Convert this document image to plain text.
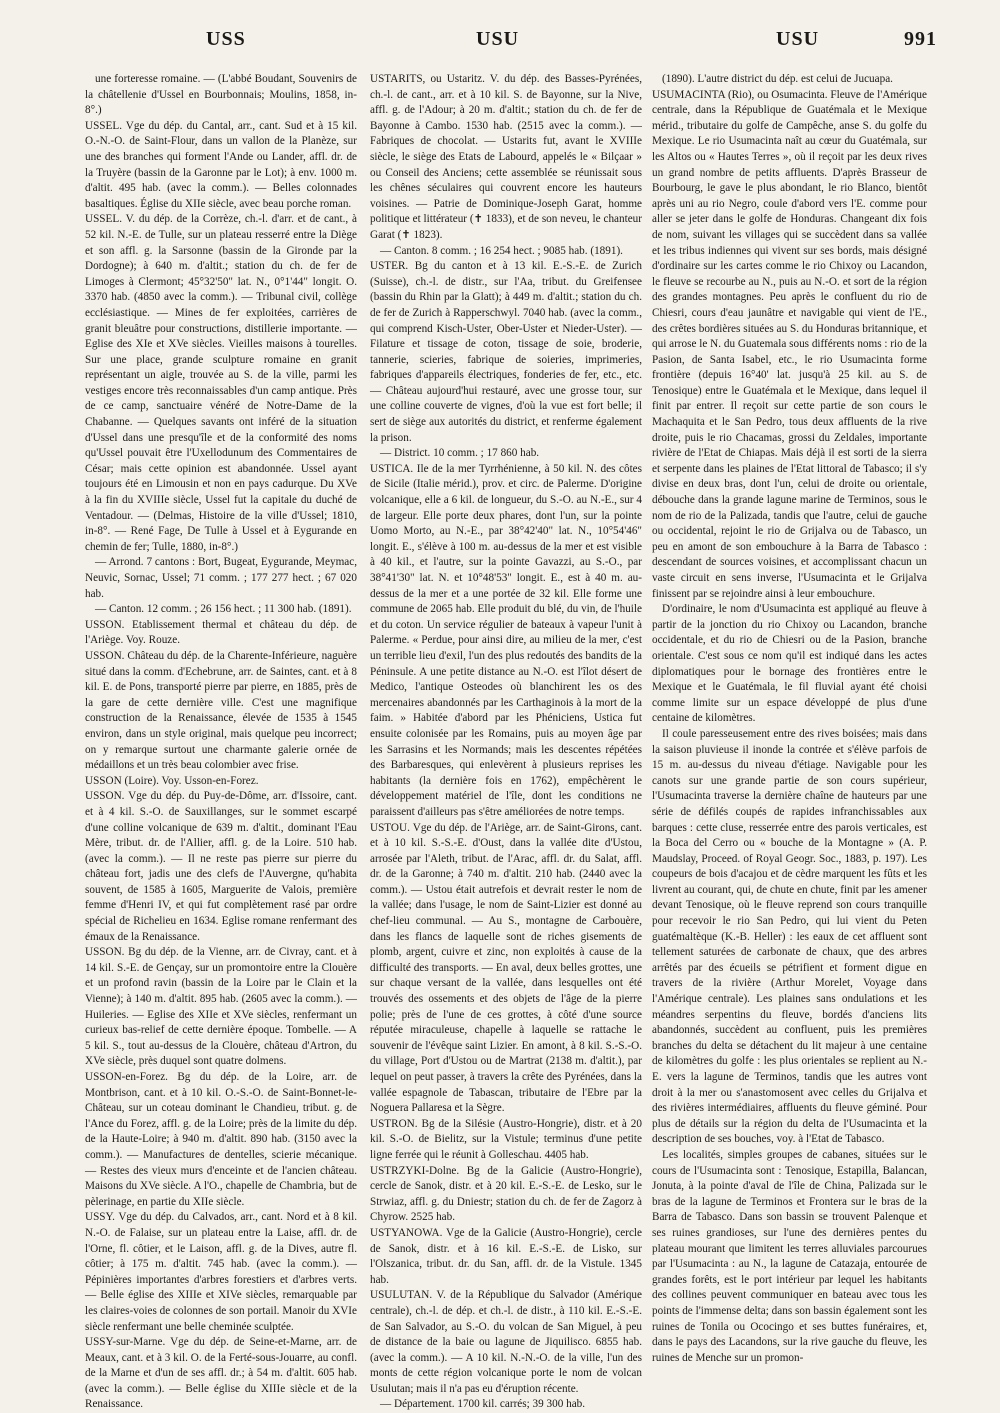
USS	USU	USU	991

une forteresse romaine. — (L'abbé Boudant, Souvenirs de la châtellenie d'Ussel en Bourbonnais; Moulins, 1858, in-8°.)

USSEL. Vge du dép. du Cantal, arr., cant. Sud et à 15 kil. O.-N.-O. de Saint-Flour, dans un vallon de la Planèze, sur une des branches qui forment l'Ande ou Lander, affl. dr. de la Truyère (bassin de la Garonne par le Lot); à env. 1000 m. d'altit. 495 hab. (avec la comm.). — Belles colonnades basaltiques. Église du XIIe siècle, avec beau porche roman.

USSEL. V. du dép. de la Corrèze, ch.-l. d'arr. et de cant., à 52 kil. N.-E. de Tulle, sur un plateau resserré entre la Diège et son affl. g. la Sarsonne (bassin de la Gironde par la Dordogne); à 640 m. d'altit.; station du ch. de fer de Limoges à Clermont; 45°32'50" lat. N., 0°1'44" longit. O. 3370 hab. (4850 avec la comm.). — Tribunal civil, collège ecclésiastique. — Mines de fer exploitées, carrières de granit bleuâtre pour constructions, distillerie importante. — Eglise des XIe et XVe siècles. Vieilles maisons à tourelles. Sur une place, grande sculpture romaine en granit représentant un aigle, trouvée au S. de la ville, parmi les vestiges encore très reconnaissables d'un camp antique. Près de ce camp, sanctuaire vénéré de Notre-Dame de la Chabanne. — Quelques savants ont inféré de la situation d'Ussel dans une presqu'île et de la conformité des noms qu'Ussel pouvait être l'Uxellodunum des Commentaires de César; mais cette opinion est abandonnée. Ussel ayant toujours été en Limousin et non en pays cadurque. Du XVe à la fin du XVIIIe siècle, Ussel fut la capitale du duché de Ventadour. — (Delmas, Histoire de la ville d'Ussel; 1810, in-8°. — René Fage, De Tulle à Ussel et à Eygurande en chemin de fer; Tulle, 1880, in-8°.)

— Arrond. 7 cantons : Bort, Bugeat, Eygurande, Meymac, Neuvic, Sornac, Ussel; 71 comm. ; 177 277 hect. ; 67 020 hab.

— Canton. 12 comm. ; 26 156 hect. ; 11 300 hab. (1891).

USSON. Etablissement thermal et château du dép. de l'Ariège. Voy. Rouze.

USSON. Château du dép. de la Charente-Inférieure, naguère situé dans la comm. d'Echebrune, arr. de Saintes, cant. et à 8 kil. E. de Pons, transporté pierre par pierre, en 1885, près de la gare de cette dernière ville. C'est une magnifique construction de la Renaissance, élevée de 1535 à 1545 environ, dans un style original, mais quelque peu incorrect; on y remarque surtout une charmante galerie ornée de médaillons et un très beau colombier avec frise.

USSON (Loire). Voy. Usson-en-Forez.

USSON. Vge du dép. du Puy-de-Dôme, arr. d'Issoire, cant. et à 4 kil. S.-O. de Sauxillanges, sur le sommet escarpé d'une colline volcanique de 639 m. d'altit., dominant l'Eau Mère, tribut. dr. de l'Allier, affl. g. de la Loire. 510 hab. (avec la comm.). — Il ne reste pas pierre sur pierre du château fort, jadis une des clefs de l'Auvergne, qu'habita souvent, de 1585 à 1605, Marguerite de Valois, première femme d'Henri IV, et qui fut complètement rasé par ordre spécial de Richelieu en 1634. Eglise romane renfermant des émaux de la Renaissance.

USSON. Bg du dép. de la Vienne, arr. de Civray, cant. et à 14 kil. S.-E. de Gençay, sur un promontoire entre la Clouère et un profond ravin (bassin de la Loire par le Clain et la Vienne); à 140 m. d'altit. 895 hab. (2605 avec la comm.). — Huileries. — Eglise des XIIe et XVe siècles, renfermant un curieux bas-relief de cette dernière époque. Tombelle. — A 5 kil. S., tout au-dessus de la Clouère, château d'Artron, du XVe siècle, près duquel sont quatre dolmens.

USSON-en-Forez. Bg du dép. de la Loire, arr. de Montbrison, cant. et à 10 kil. O.-S.-O. de Saint-Bonnet-le-Château, sur un coteau dominant le Chandieu, tribut. g. de l'Ance du Forez, affl. g. de la Loire; près de la limite du dép. de la Haute-Loire; à 940 m. d'altit. 890 hab. (3150 avec la comm.). — Manufactures de dentelles, scierie mécanique. — Restes des vieux murs d'enceinte et de l'ancien château. Maisons du XVe siècle. A l'O., chapelle de Chambria, but de pèlerinage, en partie du XIIe siècle.

USSY. Vge du dép. du Calvados, arr., cant. Nord et à 8 kil. N.-O. de Falaise, sur un plateau entre la Laise, affl. dr. de l'Orne, fl. côtier, et le Laison, affl. g. de la Dives, autre fl. côtier; à 175 m. d'altit. 745 hab. (avec la comm.). — Pépinières importantes d'arbres forestiers et d'arbres verts. — Belle église des XIIIe et XIVe siècles, remarquable par les claires-voies de colonnes de son portail. Manoir du XVIe siècle renfermant une belle cheminée sculptée.

USSY-sur-Marne. Vge du dép. de Seine-et-Marne, arr. de Meaux, cant. et à 3 kil. O. de la Ferté-sous-Jouarre, au confl. de la Marne et d'un de ses affl. dr.; à 54 m. d'altit. 605 hab. (avec la comm.). — Belle église du XIIIe siècle et de la Renaissance.

USTARITS, ou Ustaritz. V. du dép. des Basses-Pyrénées, ch.-l. de cant., arr. et à 10 kil. S. de Bayonne, sur la Nive, affl. g. de l'Adour; à 20 m. d'altit.; station du ch. de fer de Bayonne à Cambo. 1530 hab. (2515 avec la comm.). — Fabriques de chocolat. — Ustarits fut, avant le XVIIIe siècle, le siège des Etats de Labourd, appelés le « Bilçaar » ou Conseil des Anciens; cette assemblée se réunissait sous les chênes séculaires qui couvrent encore les hauteurs voisines. — Patrie de Dominique-Joseph Garat, homme politique et littérateur (✝ 1833), et de son neveu, le chanteur Garat (✝ 1823).

— Canton. 8 comm. ; 16 254 hect. ; 9085 hab. (1891).

USTER. Bg du canton et à 13 kil. E.-S.-E. de Zurich (Suisse), ch.-l. de distr., sur l'Aa, tribut. du Greifensee (bassin du Rhin par la Glatt); à 449 m. d'altit.; station du ch. de fer de Zurich à Rapperschwyl. 7040 hab. (avec la comm., qui comprend Kisch-Uster, Ober-Uster et Nieder-Uster). — Filature et tissage de coton, tissage de soie, broderie, tannerie, scieries, fabrique de soieries, imprimeries, fabriques d'appareils électriques, fonderies de fer, etc., etc. — Château aujourd'hui restauré, avec une grosse tour, sur une colline couverte de vignes, d'où la vue est fort belle; il sert de siège aux autorités du district, et renferme également la prison.

— District. 10 comm. ; 17 860 hab.

USTICA. Ile de la mer Tyrrhénienne, à 50 kil. N. des côtes de Sicile (Italie mérid.), prov. et circ. de Palerme. D'origine volcanique, elle a 6 kil. de longueur, du S.-O. au N.-E., sur 4 de largeur. Elle porte deux phares, dont l'un, sur la pointe Uomo Morto, au N.-E., par 38°42'40" lat. N., 10°54'46" longit. E., s'élève à 100 m. au-dessus de la mer et est visible à 40 kil., et l'autre, sur la pointe Gavazzi, au S.-O., par 38°41'30" lat. N. et 10°48'53" longit. E., est à 40 m. au-dessus de la mer et a une portée de 32 kil. Elle forme une commune de 2065 hab. Elle produit du blé, du vin, de l'huile et du coton. Un service régulier de bateaux à vapeur l'unit à Palerme. « Perdue, pour ainsi dire, au milieu de la mer, c'est un terrible lieu d'exil, l'un des plus redoutés des bandits de la Péninsule. A une petite distance au N.-O. est l'îlot désert de Medico, l'antique Osteodes où blanchirent les os des mercenaires abandonnés par les Carthaginois à la mort de la faim. » Habitée d'abord par les Phéniciens, Ustica fut ensuite colonisée par les Romains, puis au moyen âge par les Sarrasins et les Normands; mais les descentes répétées des Barbaresques, qui enlevèrent à plusieurs reprises les habitants (la dernière fois en 1762), empêchèrent le développement matériel de l'île, dont les conditions ne paraissent d'ailleurs pas s'être améliorées de notre temps.

USTOU. Vge du dép. de l'Ariège, arr. de Saint-Girons, cant. et à 10 kil. S.-S.-E. d'Oust, dans la vallée dite d'Ustou, arrosée par l'Aleth, tribut. de l'Arac, affl. dr. du Salat, affl. dr. de la Garonne; à 740 m. d'altit. 210 hab. (2440 avec la comm.). — Ustou était autrefois et devrait rester le nom de la vallée; dans l'usage, le nom de Saint-Lizier est donné au chef-lieu communal. — Au S., montagne de Carbouère, dans les flancs de laquelle sont de riches gisements de plomb, argent, cuivre et zinc, non exploités à cause de la difficulté des transports. — En aval, deux belles grottes, une sur chaque versant de la vallée, dans lesquelles ont été trouvés des ossements et des objets de l'âge de la pierre polie; près de l'une de ces grottes, à côté d'une source réputée miraculeuse, chapelle à laquelle se rattache le souvenir de l'évêque saint Lizier. En amont, à 8 kil. S.-S.-O. du village, Port d'Ustou ou de Martrat (2138 m. d'altit.), par lequel on peut passer, à travers la crête des Pyrénées, dans la vallée espagnole de Tabascan, tributaire de l'Ebre par la Noguera Pallaresa et la Sègre.

USTRON. Bg de la Silésie (Austro-Hongrie), distr. et à 20 kil. S.-O. de Bielitz, sur la Vistule; terminus d'une petite ligne ferrée qui le réunit à Golleschau. 4405 hab.

USTRZYKI-Dolne. Bg de la Galicie (Austro-Hongrie), cercle de Sanok, distr. et à 20 kil. E.-S.-E. de Lesko, sur le Strwiaz, affl. g. du Dniestr; station du ch. de fer de Zagorz à Chyrow. 2525 hab.

USTYANOWA. Vge de la Galicie (Austro-Hongrie), cercle de Sanok, distr. et à 16 kil. E.-S.-E. de Lisko, sur l'Olszanica, tribut. dr. du San, affl. dr. de la Vistule. 1345 hab.

USULUTAN. V. de la République du Salvador (Amérique centrale), ch.-l. de dép. et ch.-l. de distr., à 110 kil. E.-S.-E. de San Salvador, au S.-O. du volcan de San Miguel, à peu de distance de la baie ou lagune de Jiquilisco. 6855 hab. (avec la comm.). — A 10 kil. N.-N.-O. de la ville, l'un des monts de cette région volcanique porte le nom de volcan Usulutan; mais il n'a pas eu d'éruption récente.

— Département. 1700 kil. carrés; 39 300 hab.

(1890). L'autre district du dép. est celui de Jucuapa.

USUMACINTA (Rio), ou Osumacinta. Fleuve de l'Amérique centrale, dans la République de Guatémala et le Mexique mérid., tributaire du golfe de Campêche, anse S. du golfe du Mexique. Le rio Usumacinta naît au cœur du Guatémala, sur les Altos ou « Hautes Terres », où il reçoit par les deux rives un grand nombre de petits affluents. D'après Brasseur de Bourbourg, le gave le plus abondant, le rio Blanco, bientôt après uni au rio Negro, coule d'abord vers l'E. comme pour aller se jeter dans le golfe de Honduras. Changeant dix fois de nom, suivant les villages qui se succèdent dans sa vallée et les tribus indiennes qui vivent sur ses bords, mais désigné d'ordinaire sur les cartes comme le rio Chixoy ou Lacandon, le fleuve se recourbe au N., puis au N.-O. et sort de la région des grandes montagnes. Peu après le confluent du rio de Chiesri, cours d'eau jaunâtre et navigable qui vient de l'E., des crêtes bordières situées au S. du Honduras britannique, et qui arrose le N. du Guatemala sous différents noms : rio de la Pasion, de Santa Isabel, etc., le rio Usumacinta forme frontière (depuis 16°40' lat. jusqu'à 25 kil. au S. de Tenosique) entre le Guatémala et le Mexique, dans lequel il finit par entrer. Il reçoit sur cette partie de son cours le Machaquita et le San Pedro, tous deux affluents de la rive droite, puis le rio Chacamas, grossi du Zeldales, importante rivière de l'Etat de Chiapas. Mais déjà il est sorti de la sierra et serpente dans les plaines de l'Etat littoral de Tabasco; il s'y divise en deux bras, dont l'un, celui de droite ou orientale, débouche dans la grande lagune marine de Terminos, sous le nom de rio de la Palizada, tandis que l'autre, celui de gauche ou occidental, rejoint le rio de Grijalva ou de Tabasco, un peu en amont de son embouchure à la Barra de Tabasco : descendant de sources voisines, et accomplissant chacun un vaste circuit en sens inverse, l'Usumacinta et le Grijalva finissent par se rejoindre ainsi à leur embouchure.

D'ordinaire, le nom d'Usumacinta est appliqué au fleuve à partir de la jonction du rio Chixoy ou Lacandon, branche occidentale, et du rio de Chiesri ou de la Pasion, branche orientale. C'est sous ce nom qu'il est indiqué dans les actes diplomatiques pour le bornage des frontières entre le Mexique et le Guatémala, le fil fluvial ayant été choisi comme limite sur un espace développé de plus d'une centaine de kilomètres.

Il coule paresseusement entre des rives boisées; mais dans la saison pluvieuse il inonde la contrée et s'élève parfois de 15 m. au-dessus du niveau d'étiage. Navigable pour les canots sur une grande partie de son cours supérieur, l'Usumacinta traverse la dernière chaîne de hauteurs par une série de défilés coupés de rapides infranchissables aux barques : cette cluse, resserrée entre des parois verticales, est la Boca del Cerro ou « bouche de la Montagne » (A. P. Maudslay, Proceed. of Royal Geogr. Soc., 1883, p. 197). Les coupeurs de bois d'acajou et de cèdre marquent les fûts et les livrent au courant, qui, de chute en chute, finit par les amener devant Tenosique, où le fleuve reprend son cours tranquille pour recevoir le rio San Pedro, qui lui vient du Peten guatémaltèque (K.-B. Heller) : les eaux de cet affluent sont tellement saturées de carbonate de chaux, que des arbres arrêtés par des écueils se pétrifient et forment digue en travers de la rivière (Arthur Morelet, Voyage dans l'Amérique centrale). Les plaines sans ondulations et les méandres serpentins du fleuve, bordés d'anciens lits abandonnés, succèdent au confluent, puis les premières branches du delta se détachent du lit majeur à une centaine de kilomètres du golfe : les plus orientales se replient au N.-E. vers la lagune de Terminos, tandis que les autres vont droit à la mer ou s'anastomosent avec celles du Grijalva et des rivières intermédiaires, affluents du fleuve géminé. Pour plus de détails sur la région du delta de l'Usumacinta et la description de ses bouches, voy. à l'Etat de Tabasco.

Les localités, simples groupes de cabanes, situées sur le cours de l'Usumacinta sont : Tenosique, Estapilla, Balancan, Jonuta, à la pointe d'aval de l'île de China, Palizada sur le bras de la lagune de Terminos et Frontera sur le bras de la Barra de Tabasco. Dans son bassin se trouvent Palenque et ses ruines grandioses, sur l'une des dernières pentes du plateau mourant que limitent les terres alluviales parcourues par l'Usumacinta : au N., la lagune de Catazaja, entourée de grandes forêts, est le port intérieur par lequel les habitants des collines peuvent communiquer en bateau avec tous les points de l'immense delta; dans son bassin également sont les ruines de Tonila ou Ococingo et ses buttes funéraires, et, dans le pays des Lacandons, sur la rive gauche du fleuve, les ruines de Menche sur un promon-
